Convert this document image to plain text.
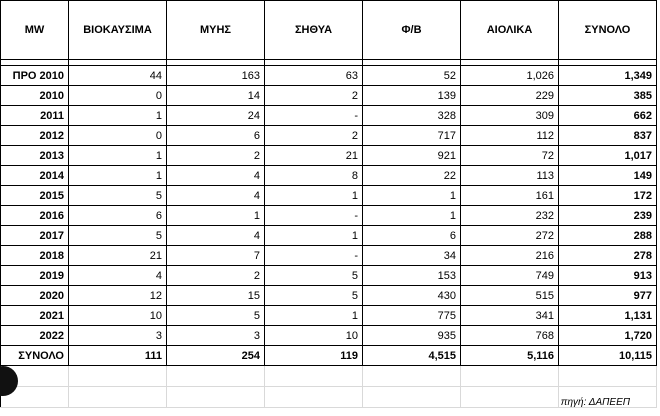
MW	ΒΙΟΚΑΥΣΙΜΑ	ΜΥΗΣ	ΣΗΘΥΑ	Φ/Β	ΑΙΟΛΙΚΑ	ΣΥΝΟΛΟ

ΠΡΟ 2010	44	163	63	52	1,026	1,349
2010	0	14	2	139	229	385
2011	1	24	-	328	309	662
2012	0	6	2	717	112	837
2013	1	2	21	921	72	1,017
2014	1	4	8	22	113	149
2015	5	4	1	1	161	172
2016	6	1	-	1	232	239
2017	5	4	1	6	272	288
2018	21	7	-	34	216	278
2019	4	2	5	153	749	913
2020	12	15	5	430	515	977
2021	10	5	1	775	341	1,131
2022	3	3	10	935	768	1,720
ΣΥΝΟΛΟ	111	254	119	4,515	5,116	10,115

πηγή: ΔΑΠΕΕΠ
